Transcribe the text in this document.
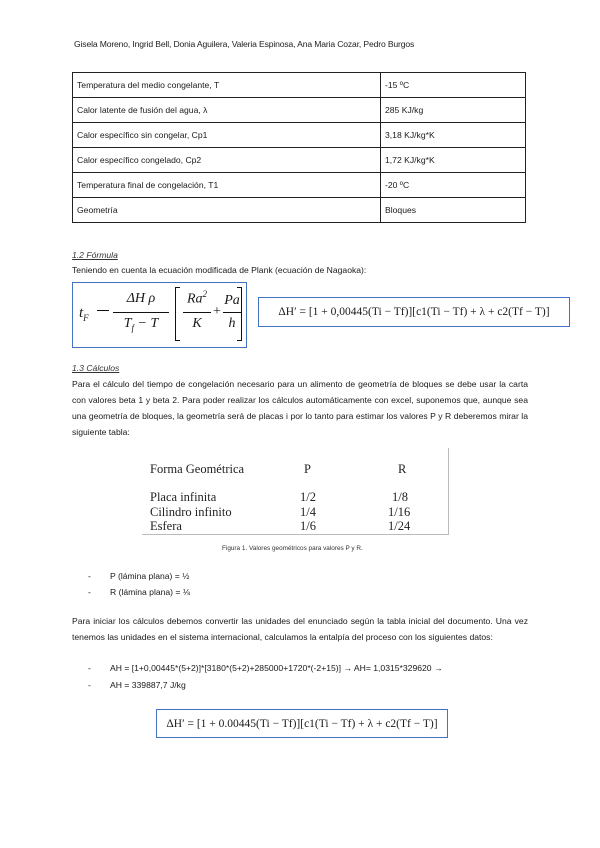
Gisela Moreno, Ingrid Bell, Donia Aguilera, Valeria Espinosa, Ana Maria Cozar, Pedro Burgos
Temperatura del medio congelante, T	-15 ºC
Calor latente de fusión del agua, λ	285 KJ/kg
Calor específico sin congelar, Cp1	3,18 KJ/kg*K
Calor específico congelado, Cp2	1,72 KJ/kg*K
Temperatura final de congelación, T1	-20 ºC
Geometría	Bloques
1.2 Fórmula
Teniendo en cuenta la ecuación modificada de Plank (ecuación de Nagaoka):
$t_F$
ΔH ρ
$T_f - T$
Ra$^2$
K
+
Pa
h
ΔH′ = [1 + 0,00445(Ti − Tf)][c1(Ti − Tf) + λ + c2(Tf − T)]
1.3 Cálculos
Para el cálculo del tiempo de congelación necesario para un alimento de geometría de bloques se debe usar la carta con valores beta 1 y beta 2. Para poder realizar los cálculos automáticamente con excel, suponemos que, aunque sea una geometría de bloques, la geometría será de placas i por lo tanto para estimar los valores P y R deberemos mirar la siguiente tabla:
Forma Geométrica	P	R
Placa infinita	1/2	1/8
Cilindro infinito	1/4	1/16
Esfera	1/6	1/24
Figura 1. Valores geométricos para valores P y R.
- P (lámina plana) = ½
- R (lámina plana) = ⅛
Para iniciar los cálculos debemos convertir las unidades del enunciado según la tabla inicial del documento. Una vez tenemos las unidades en el sistema internacional, calculamos la entalpía del proceso con los siguientes datos:
- AH = [1+0,00445*(5+2)]*[3180*(5+2)+285000+1720*(-2+15)] → AH= 1,0315*329620 →
- AH = 339887,7 J/kg
ΔH′ = [1 + 0.00445(Ti − Tf)][c1(Ti − Tf) + λ + c2(Tf − T)]
